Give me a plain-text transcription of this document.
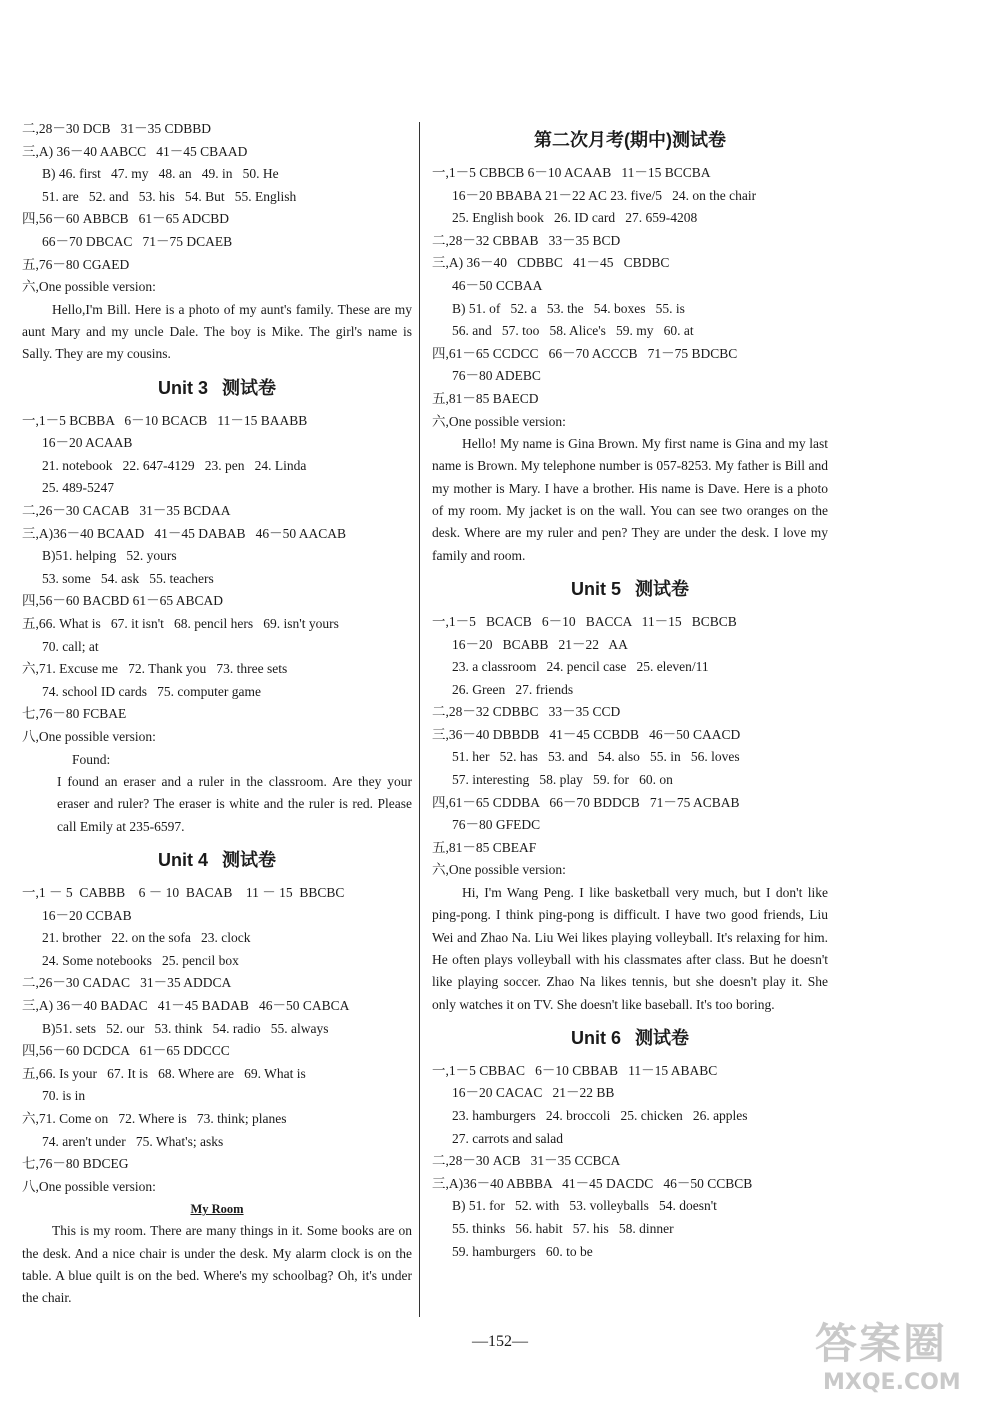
二,28－30 DCB   31－35 CDBBD
三,A) 36－40 AABCC   41－45 CBAAD
B) 46. first   47. my   48. an   49. in   50. He
51. are   52. and   53. his   54. But   55. English
四,56－60 ABBCB   61－65 ADCBD
66－70 DBCAC   71－75 DCAEB
五,76－80 CGAED
六,One possible version:
Hello,I'm Bill. Here is a photo of my aunt's family. These are my aunt Mary and my uncle Dale. The boy is Mike. The girl's name is Sally. They are my cousins.
Unit 3 测试卷
一,1－5 BCBBA   6－10 BCACB   11－15 BAABB
16－20 ACAAB
21. notebook   22. 647-4129   23. pen   24. Linda
25. 489-5247
二,26－30 CACAB   31－35 BCDAA
三,A)36－40 BCAAD   41－45 DABAB   46－50 AACAB
B)51. helping   52. yours
53. some   54. ask   55. teachers
四,56－60 BACBD 61－65 ABCAD
五,66. What is   67. it isn't   68. pencil hers   69. isn't yours
70. call; at
六,71. Excuse me   72. Thank you   73. three sets
74. school ID cards   75. computer game
七,76－80 FCBAE
八,One possible version:
Found:
I found an eraser and a ruler in the classroom. Are they your eraser and ruler? The eraser is white and the ruler is red. Please call Emily at 235-6597.
Unit 4 测试卷
一,1 － 5  CABBB    6 － 10  BACAB    11 － 15  BBCBC
16－20 CCBAB
21. brother   22. on the sofa   23. clock
24. Some notebooks   25. pencil box
二,26－30 CADAC   31－35 ADDCA
三,A) 36－40 BADAC   41－45 BADAB   46－50 CABCA
B)51. sets   52. our   53. think   54. radio   55. always
四,56－60 DCDCA   61－65 DDCCC
五,66. Is your   67. It is   68. Where are   69. What is
70. is in
六,71. Come on   72. Where is   73. think; planes
74. aren't under   75. What's; asks
七,76－80 BDCEG
八,One possible version:
My Room
This is my room. There are many things in it. Some books are on the desk. And a nice chair is under the desk. My alarm clock is on the table. A blue quilt is on the bed. Where's my schoolbag? Oh, it's under the chair.
第二次月考(期中)测试卷
一,1－5 CBBCB 6－10 ACAAB   11－15 BCCBA
16－20 BBABA 21－22 AC 23. five/5   24. on the chair
25. English book   26. ID card   27. 659-4208
二,28－32 CBBAB   33－35 BCD
三,A) 36－40   CDBBC   41－45   CBDBC
46－50 CCBAA
B) 51. of   52. a   53. the   54. boxes   55. is
56. and   57. too   58. Alice's   59. my   60. at
四,61－65 CCDCC   66－70 ACCCB   71－75 BDCBC
76－80 ADEBC
五,81－85 BAECD
六,One possible version:
Hello! My name is Gina Brown. My first name is Gina and my last name is Brown. My telephone number is 057-8253. My father is Bill and my mother is Mary. I have a brother. His name is Dave. Here is a photo of my room. My jacket is on the wall. You can see two oranges on the desk. Where are my ruler and pen? They are under the desk. I love my family and room.
Unit 5 测试卷
一,1－5   BCACB   6－10   BACCA   11－15   BCBCB
16－20   BCABB   21－22   AA
23. a classroom   24. pencil case   25. eleven/11
26. Green   27. friends
二,28－32 CDBBC   33－35 CCD
三,36－40 DBBDB   41－45 CCBDB   46－50 CAACD
51. her   52. has   53. and   54. also   55. in   56. loves
57. interesting   58. play   59. for   60. on
四,61－65 CDDBA   66－70 BDDCB   71－75 ACBAB
76－80 GFEDC
五,81－85 CBEAF
六,One possible version:
Hi, I'm Wang Peng. I like basketball very much, but I don't like ping-pong. I think ping-pong is difficult. I have two good friends, Liu Wei and Zhao Na. Liu Wei likes playing volleyball. It's relaxing for him. He often plays volleyball with his classmates after class. But he doesn't like playing soccer. Zhao Na likes tennis, but she doesn't play it. She only watches it on TV. She doesn't like baseball. It's too boring.
Unit 6 测试卷
一,1－5 CBBAC   6－10 CBBAB   11－15 ABABC
16－20 CACAC   21－22 BB
23. hamburgers   24. broccoli   25. chicken   26. apples
27. carrots and salad
二,28－30 ACB   31－35 CCBCA
三,A)36－40 ABBBA   41－45 DACDC   46－50 CCBCB
B) 51. for   52. with   53. volleyballs   54. doesn't
55. thinks   56. habit   57. his   58. dinner
59. hamburgers   60. to be
—152—	答案圈
MXQE.COM
